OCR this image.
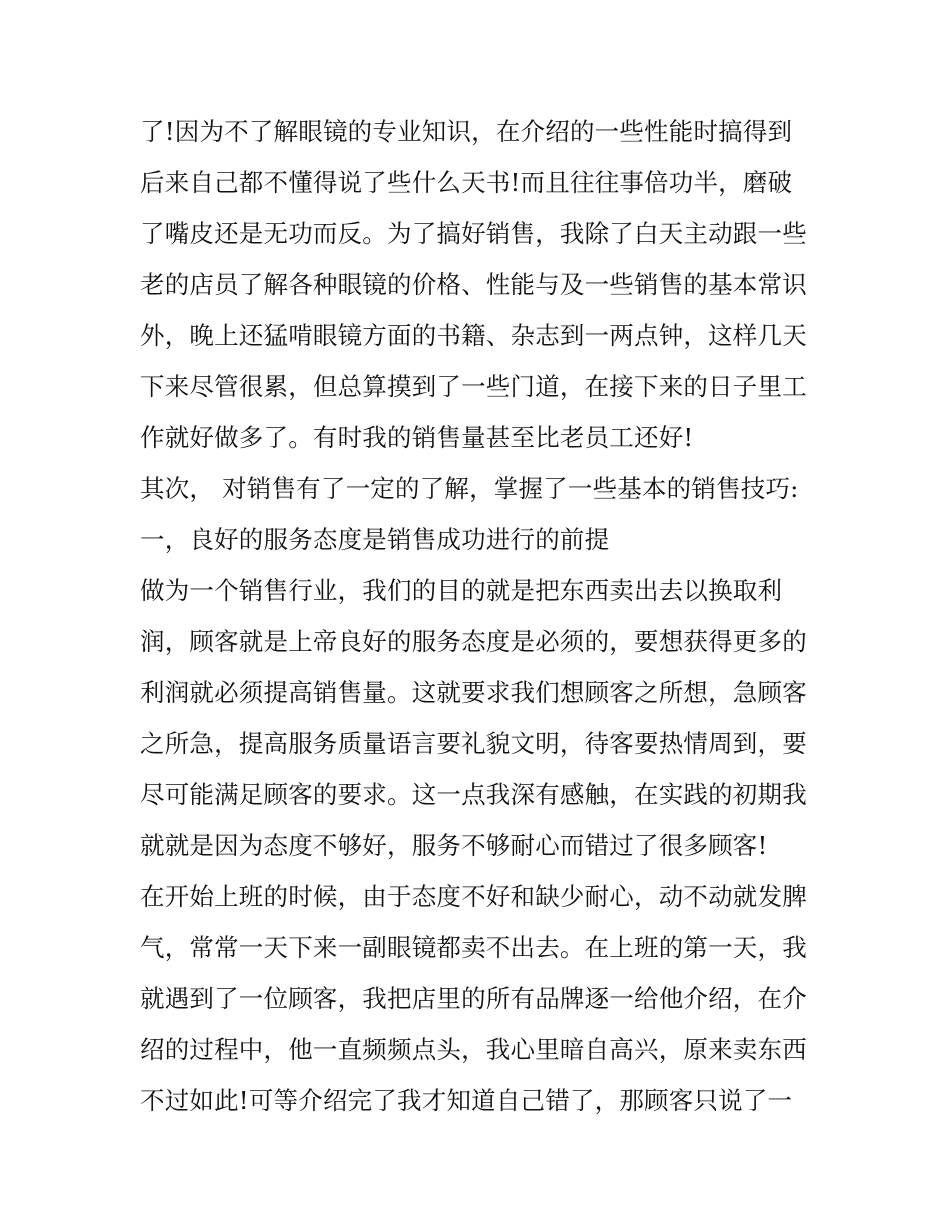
了!因为不了解眼镜的专业知识，在介绍的一些性能时搞得到
后来自己都不懂得说了些什么天书!而且往往事倍功半，磨破
了嘴皮还是无功而反。为了搞好销售，我除了白天主动跟一些
老的店员了解各种眼镜的价格、性能与及一些销售的基本常识
外，晚上还猛啃眼镜方面的书籍、杂志到一两点钟，这样几天
下来尽管很累，但总算摸到了一些门道，在接下来的日子里工
作就好做多了。有时我的销售量甚至比老员工还好!
其次， 对销售有了一定的了解，掌握了一些基本的销售技巧:
一，良好的服务态度是销售成功进行的前提
做为一个销售行业，我们的目的就是把东西卖出去以换取利
润，顾客就是上帝良好的服务态度是必须的，要想获得更多的
利润就必须提高销售量。这就要求我们想顾客之所想，急顾客
之所急，提高服务质量语言要礼貌文明，待客要热情周到，要
尽可能满足顾客的要求。这一点我深有感触，在实践的初期我
就就是因为态度不够好，服务不够耐心而错过了很多顾客!
在开始上班的时候，由于态度不好和缺少耐心，动不动就发脾
气，常常一天下来一副眼镜都卖不出去。在上班的第一天，我
就遇到了一位顾客，我把店里的所有品牌逐一给他介绍，在介
绍的过程中，他一直频频点头，我心里暗自高兴，原来卖东西
不过如此!可等介绍完了我才知道自己错了，那顾客只说了一
